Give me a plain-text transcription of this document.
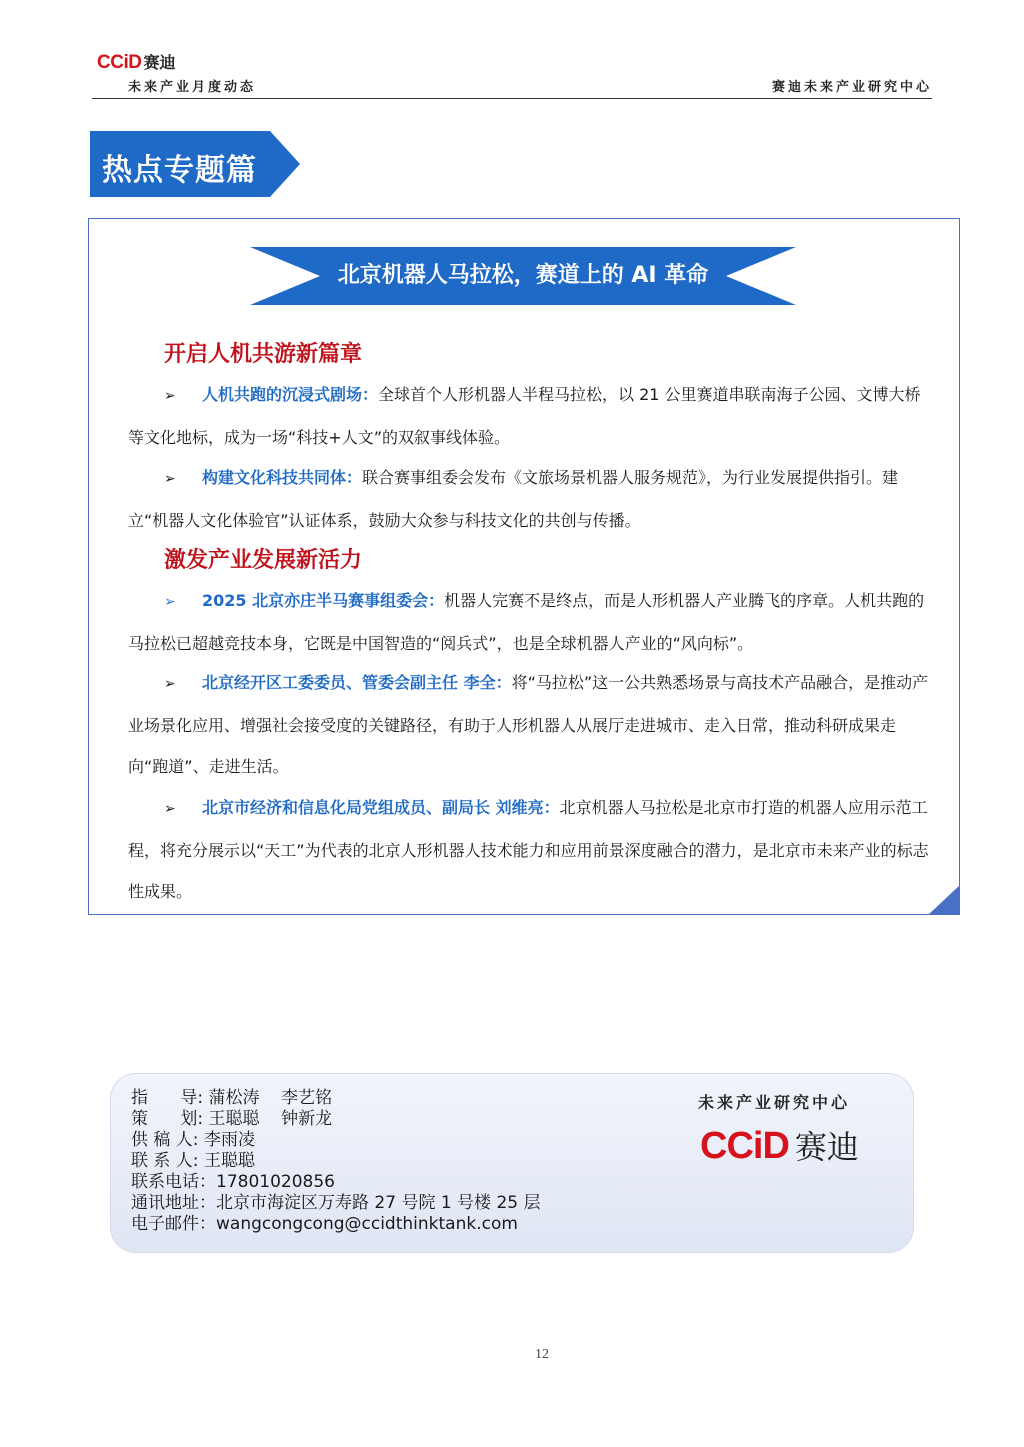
CCiD 赛迪
未来产业月度动态	赛迪未来产业研究中心
热点专题篇
北京机器人马拉松，赛道上的 AI 革命
开启人机共游新篇章
➢ 人机共跑的沉浸式剧场：全球首个人形机器人半程马拉松，以 21 公里赛道串联南海子公园、文博大桥等文化地标，成为一场“科技+人文”的双叙事线体验。
➢ 构建文化科技共同体：联合赛事组委会发布《文旅场景机器人服务规范》，为行业发展提供指引。建立“机器人文化体验官”认证体系，鼓励大众参与科技文化的共创与传播。
激发产业发展新活力
➢ 2025 北京亦庄半马赛事组委会：机器人完赛不是终点，而是人形机器人产业腾飞的序章。人机共跑的马拉松已超越竞技本身，它既是中国智造的“阅兵式”，也是全球机器人产业的“风向标”。
➢ 北京经开区工委委员、管委会副主任 李全：将“马拉松”这一公共熟悉场景与高技术产品融合，是推动产业场景化应用、增强社会接受度的关键路径，有助于人形机器人从展厅走进城市、走入日常，推动科研成果走向“跑道”、走进生活。
➢ 北京市经济和信息化局党组成员、副局长 刘维亮：北京机器人马拉松是北京市打造的机器人应用示范工程，将充分展示以“天工”为代表的北京人形机器人技术能力和应用前景深度融合的潜力，是北京市未来产业的标志性成果。
指      导: 蒲松涛    李艺铭
策      划: 王聪聪    钟新龙
供 稿 人: 李雨凌
联 系 人: 王聪聪
联系电话：17801020856
通讯地址：北京市海淀区万寿路 27 号院 1 号楼 25 层
电子邮件：wangcongcong@ccidthinktank.com
未来产业研究中心
CCiD 赛迪
12
